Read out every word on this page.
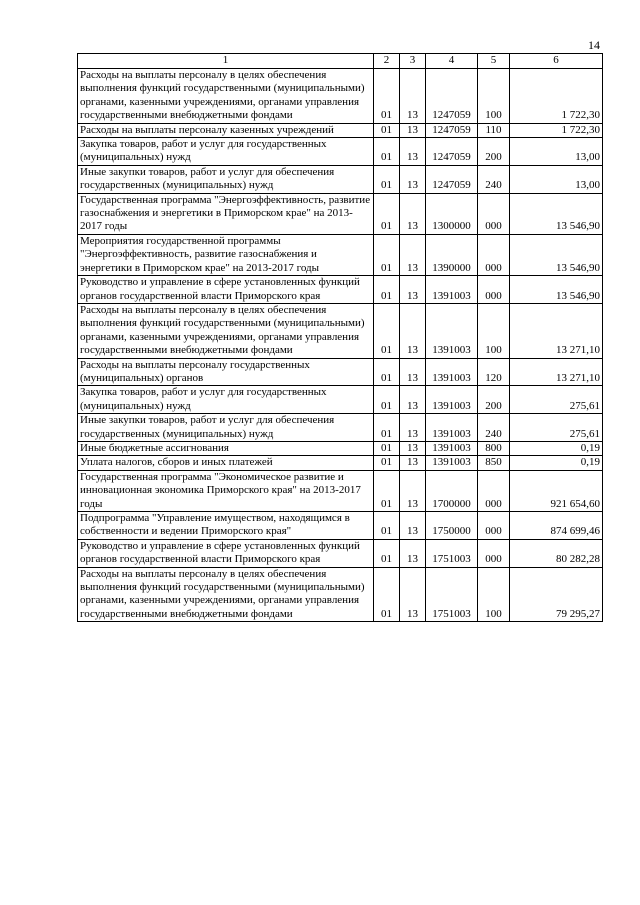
14
1	2	3	4	5	6
Расходы на выплаты персоналу в целях обеспечения выполнения функций государственными (муниципальными) органами, казенными учреждениями, органами управления государственными внебюджетными фондами	01	13	1247059	100	1 722,30
Расходы на выплаты персоналу казенных учреждений	01	13	1247059	110	1 722,30
Закупка товаров, работ и услуг для государственных (муниципальных) нужд	01	13	1247059	200	13,00
Иные закупки товаров, работ и услуг для обеспечения государственных (муниципальных) нужд	01	13	1247059	240	13,00
Государственная программа "Энергоэффективность, развитие газоснабжения и энергетики в Приморском крае" на 2013-2017 годы	01	13	1300000	000	13 546,90
Мероприятия государственной программы "Энергоэффективность, развитие газоснабжения и энергетики в Приморском крае" на 2013-2017 годы	01	13	1390000	000	13 546,90
Руководство и управление в сфере установленных функций органов государственной власти Приморского края	01	13	1391003	000	13 546,90
Расходы на выплаты персоналу в целях обеспечения выполнения функций государственными (муниципальными) органами, казенными учреждениями, органами управления государственными внебюджетными фондами	01	13	1391003	100	13 271,10
Расходы на выплаты персоналу государственных (муниципальных) органов	01	13	1391003	120	13 271,10
Закупка товаров, работ и услуг для государственных (муниципальных) нужд	01	13	1391003	200	275,61
Иные закупки товаров, работ и услуг для обеспечения государственных (муниципальных) нужд	01	13	1391003	240	275,61
Иные бюджетные ассигнования	01	13	1391003	800	0,19
Уплата налогов, сборов и иных платежей	01	13	1391003	850	0,19
Государственная программа "Экономическое развитие и инновационная экономика Приморского края" на 2013-2017 годы	01	13	1700000	000	921 654,60
Подпрограмма "Управление имуществом, находящимся в собственности и ведении Приморского края"	01	13	1750000	000	874 699,46
Руководство и управление в сфере установленных функций органов государственной власти Приморского края	01	13	1751003	000	80 282,28
Расходы на выплаты персоналу в целях обеспечения выполнения функций государственными (муниципальными) органами, казенными учреждениями, органами управления государственными внебюджетными фондами	01	13	1751003	100	79 295,27
